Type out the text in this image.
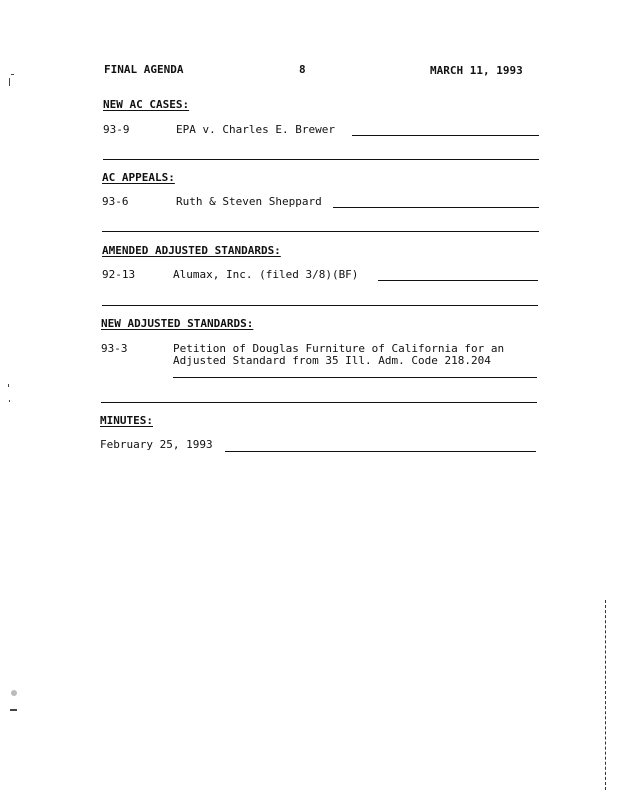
FINAL AGENDA	8	MARCH 11, 1993
NEW AC CASES:
93-9	EPA v. Charles E. Brewer
AC APPEALS:
93-6	Ruth & Steven Sheppard
AMENDED ADJUSTED STANDARDS:
92-13	Alumax, Inc. (filed 3/8)(BF)
NEW ADJUSTED STANDARDS:
93-3	Petition of Douglas Furniture of California for an
Adjusted Standard from 35 Ill. Adm. Code 218.204
MINUTES:
February 25, 1993
